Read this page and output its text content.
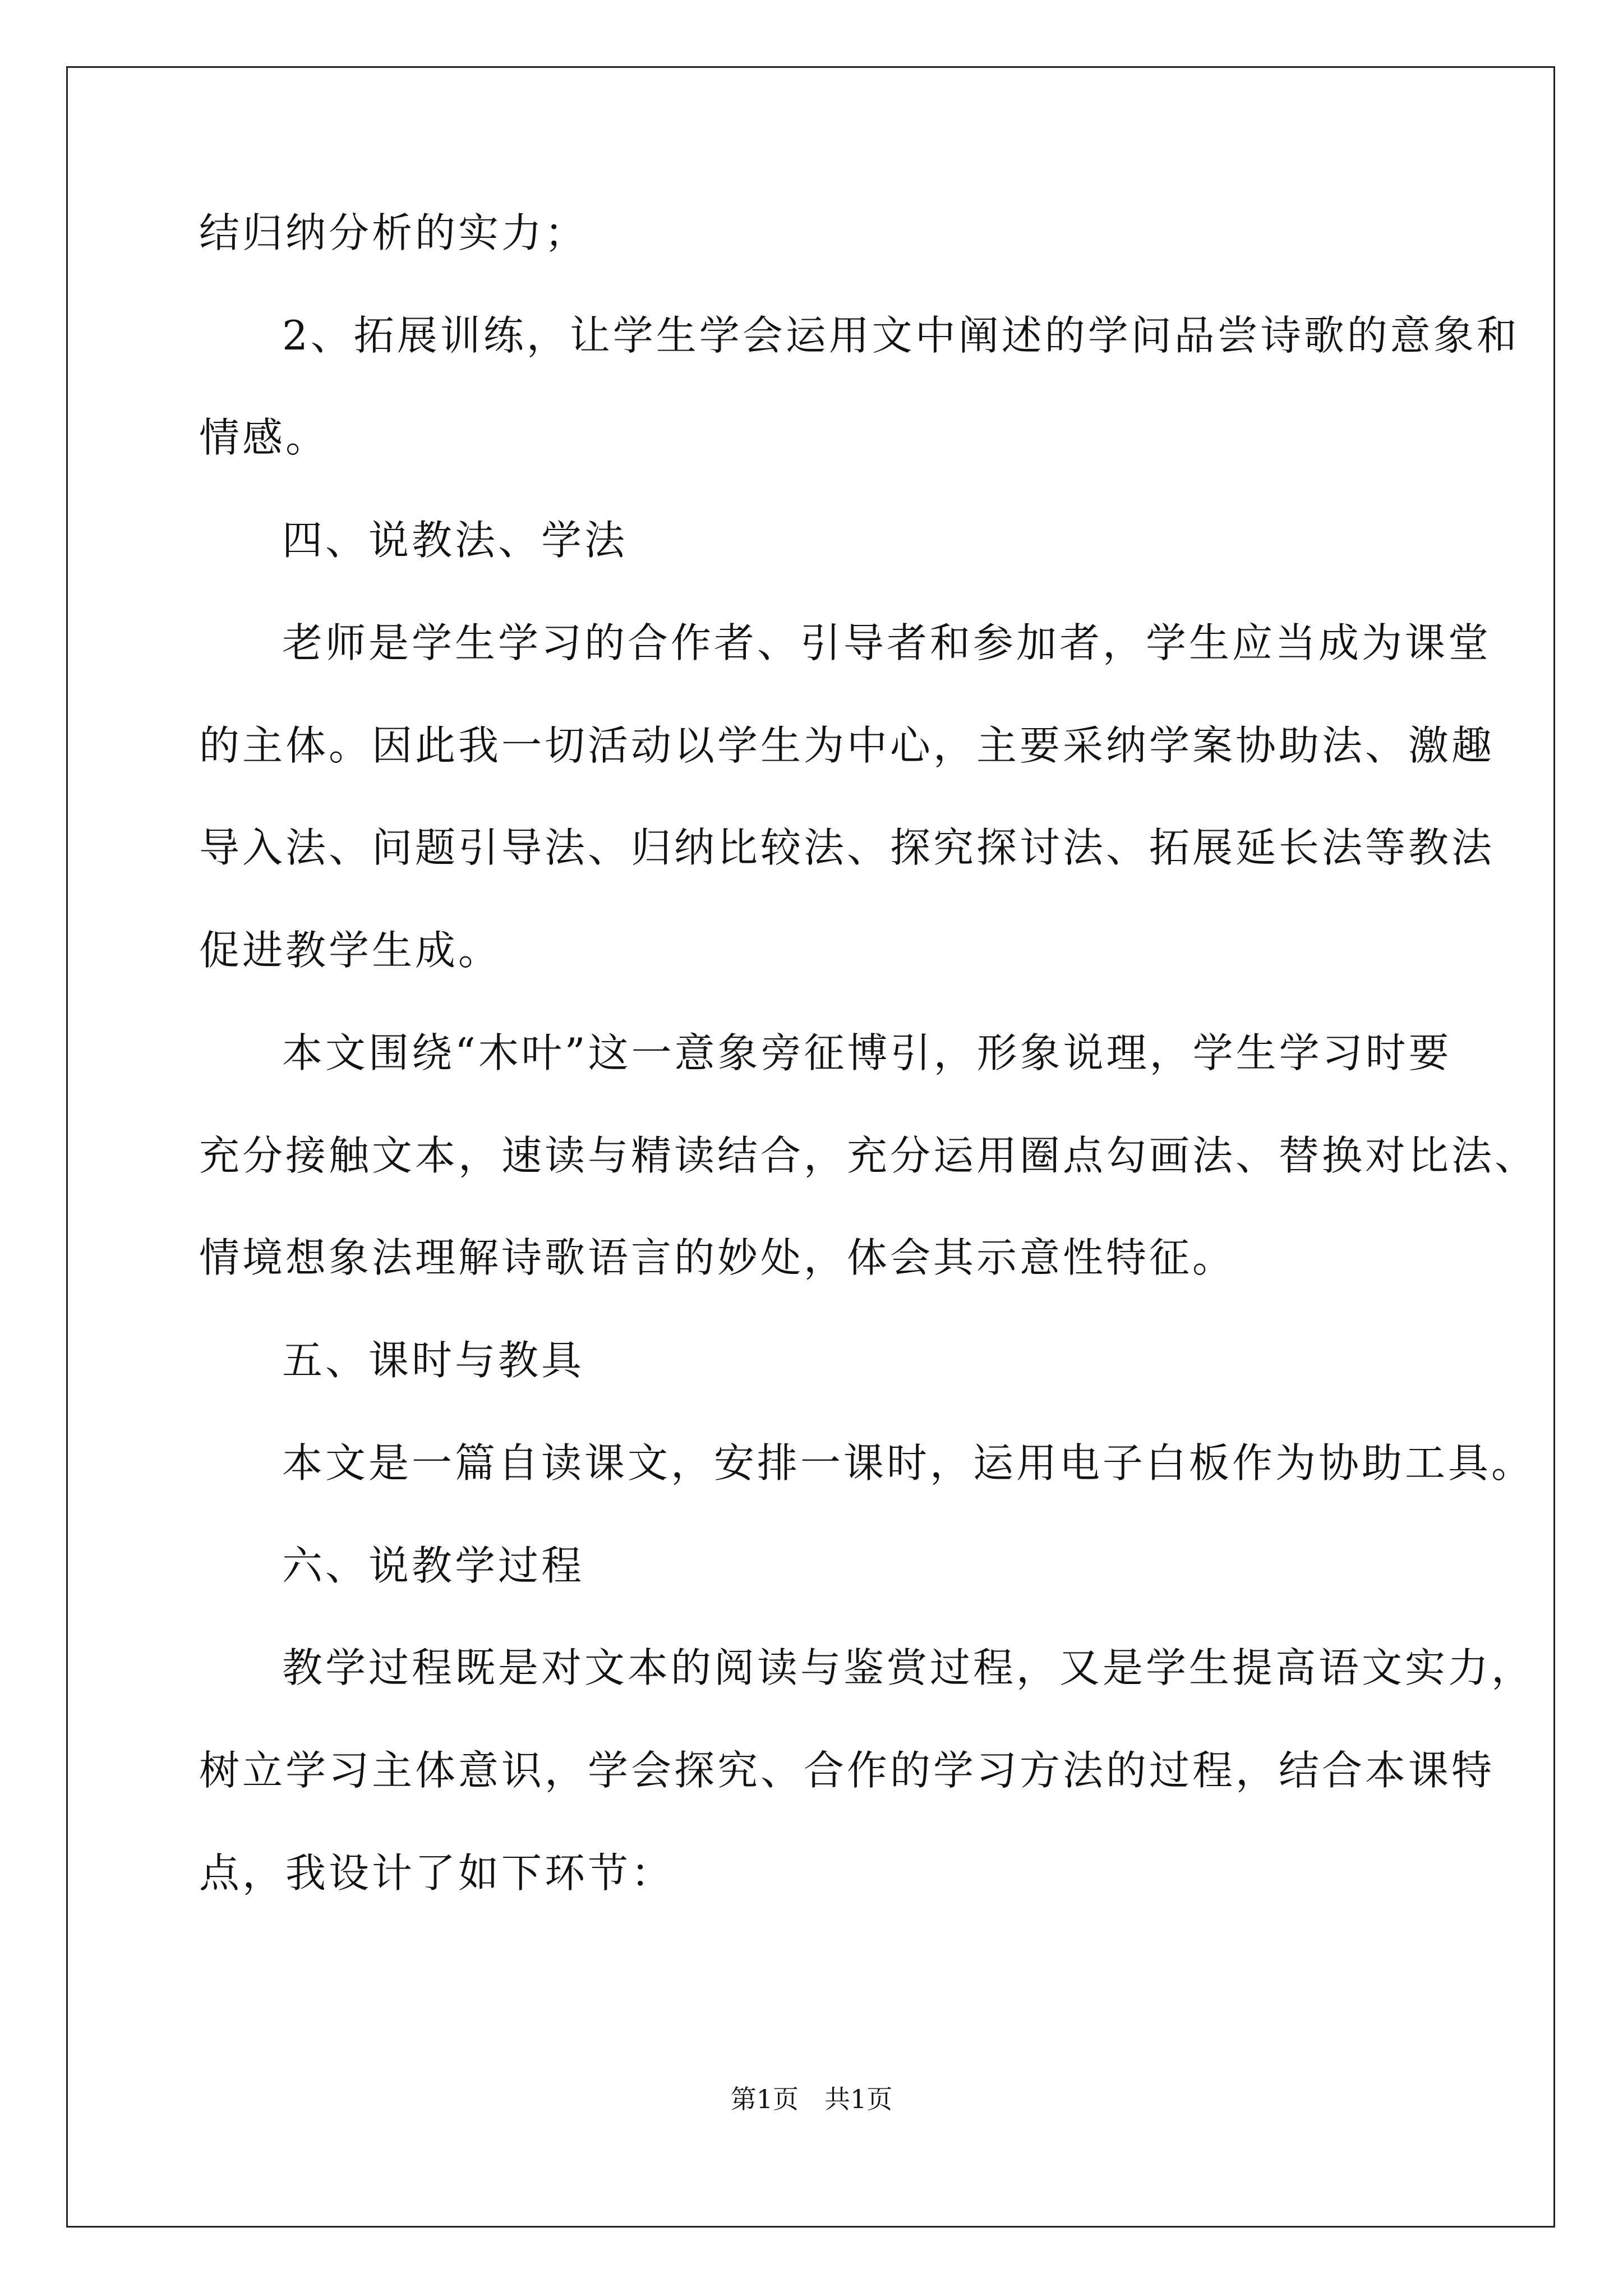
结归纳分析的实力；
2、拓展训练，让学生学会运用文中阐述的学问品尝诗歌的意象和
情感。
四、说教法、学法
老师是学生学习的合作者、引导者和参加者，学生应当成为课堂
的主体。因此我一切活动以学生为中心，主要采纳学案协助法、激趣
导入法、问题引导法、归纳比较法、探究探讨法、拓展延长法等教法
促进教学生成。
本文围绕“木叶”这一意象旁征博引，形象说理，学生学习时要
充分接触文本，速读与精读结合，充分运用圈点勾画法、替换对比法、
情境想象法理解诗歌语言的妙处，体会其示意性特征。
五、课时与教具
本文是一篇自读课文，安排一课时，运用电子白板作为协助工具。
六、说教学过程
教学过程既是对文本的阅读与鉴赏过程，又是学生提高语文实力，
树立学习主体意识，学会探究、合作的学习方法的过程，结合本课特
点，我设计了如下环节：
第1页 共1页
